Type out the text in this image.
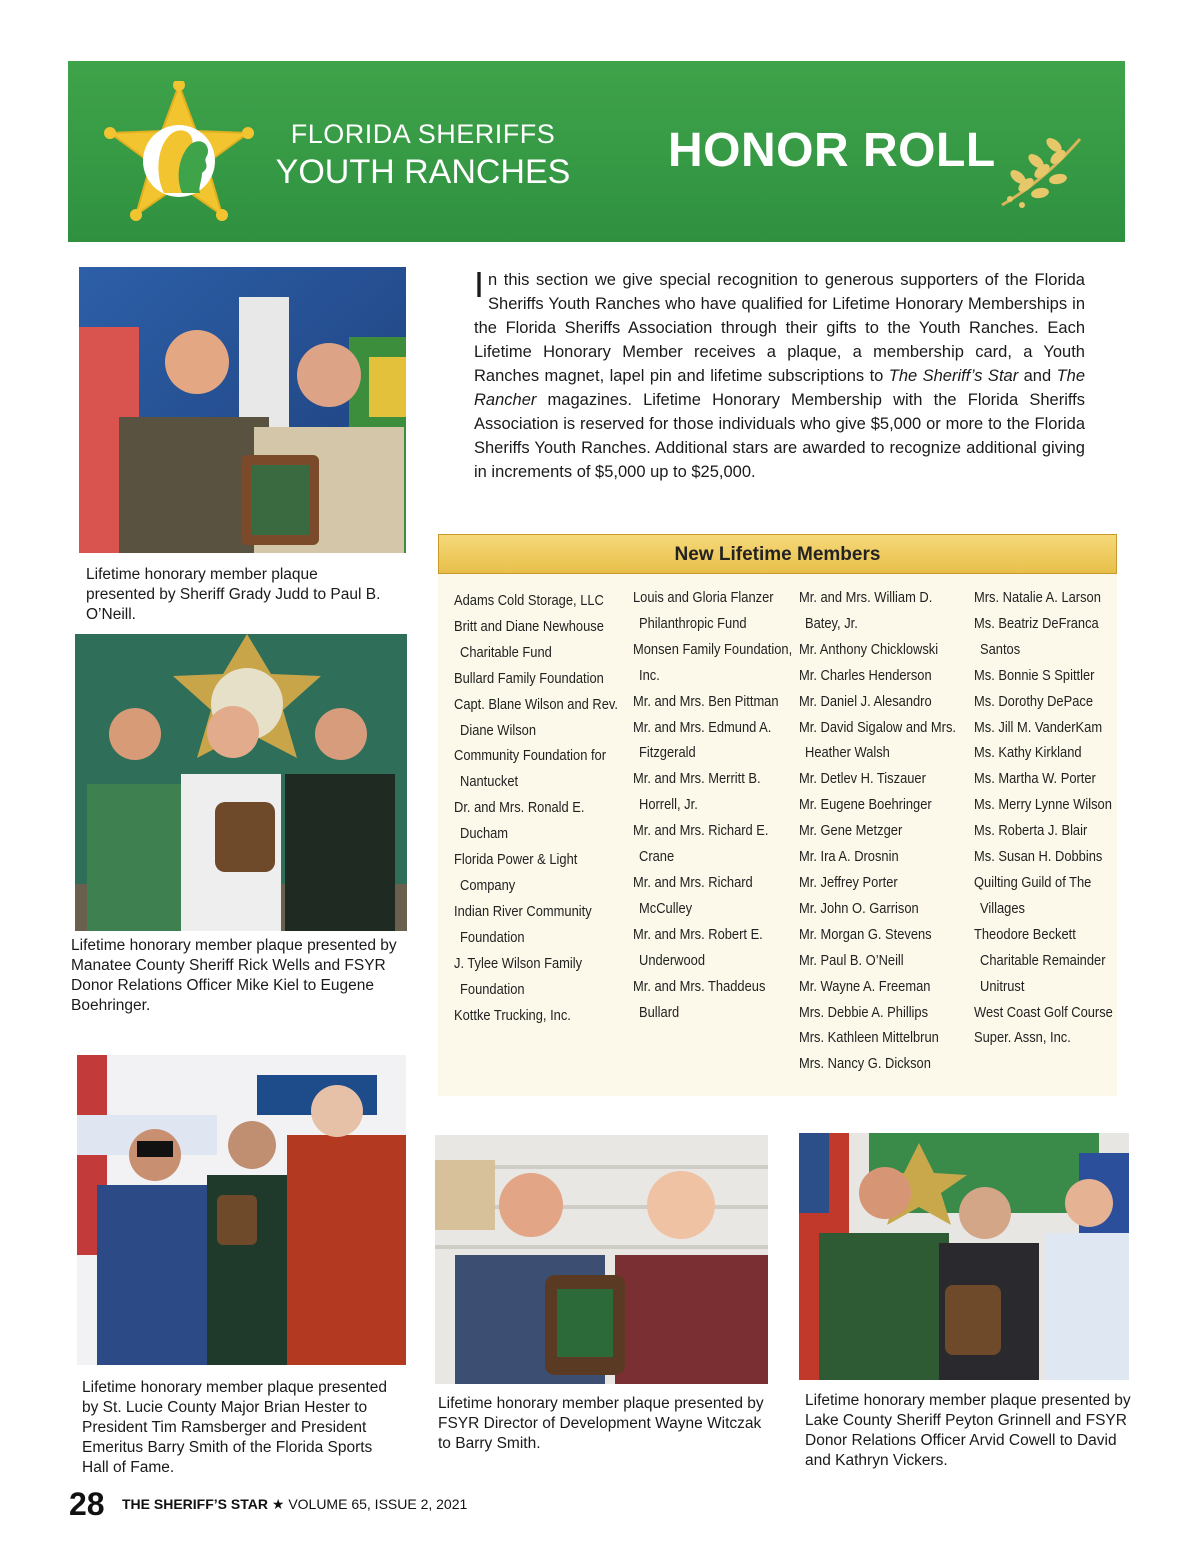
FLORIDA SHERIFFS
YOUTH RANCHES HONOR ROLL
Lifetime honorary member plaque presented by Sheriff Grady Judd to Paul B. O’Neill.
Lifetime honorary member plaque presented by Manatee County Sheriff Rick Wells and FSYR Donor Relations Officer Mike Kiel to Eugene Boehringer.
In this section we give special recognition to generous supporters of the Florida Sheriffs Youth Ranches who have qualified for Lifetime Honorary Memberships in the Florida Sheriffs Association through their gifts to the Youth Ranches. Each Lifetime Honorary Member receives a plaque, a membership card, a Youth Ranches magnet, lapel pin and lifetime subscriptions to The Sheriff’s Star and The Rancher magazines. Lifetime Honorary Membership with the Florida Sheriffs Association is reserved for those individuals who give $5,000 or more to the Florida Sheriffs Youth Ranches. Additional stars are awarded to recognize additional giving in increments of $5,000 up to $25,000.
New Lifetime Members
Adams Cold Storage, LLC
Britt and Diane Newhouse Charitable Fund
Bullard Family Foundation
Capt. Blane Wilson and Rev. Diane Wilson
Community Foundation for Nantucket
Dr. and Mrs. Ronald E. Ducham
Florida Power & Light Company
Indian River Community Foundation
J. Tylee Wilson Family Foundation
Kottke Trucking, Inc.
Louis and Gloria Flanzer Philanthropic Fund
Monsen Family Foundation, Inc.
Mr. and Mrs. Ben Pittman
Mr. and Mrs. Edmund A. Fitzgerald
Mr. and Mrs. Merritt B. Horrell, Jr.
Mr. and Mrs. Richard E. Crane
Mr. and Mrs. Richard McCulley
Mr. and Mrs. Robert E. Underwood
Mr. and Mrs. Thaddeus Bullard
Mr. and Mrs. William D. Batey, Jr.
Mr. Anthony Chicklowski
Mr. Charles Henderson
Mr. Daniel J. Alesandro
Mr. David Sigalow and Mrs. Heather Walsh
Mr. Detlev H. Tiszauer
Mr. Eugene Boehringer
Mr. Gene Metzger
Mr. Ira A. Drosnin
Mr. Jeffrey Porter
Mr. John O. Garrison
Mr. Morgan G. Stevens
Mr. Paul B. O’Neill
Mr. Wayne A. Freeman
Mrs. Debbie A. Phillips
Mrs. Kathleen Mittelbrun
Mrs. Nancy G. Dickson
Mrs. Natalie A. Larson
Ms. Beatriz DeFranca Santos
Ms. Bonnie S Spittler
Ms. Dorothy DePace
Ms. Jill M. VanderKam
Ms. Kathy Kirkland
Ms. Martha W. Porter
Ms. Merry Lynne Wilson
Ms. Roberta J. Blair
Ms. Susan H. Dobbins
Quilting Guild of The Villages
Theodore Beckett Charitable Remainder Unitrust
West Coast Golf Course
Super. Assn, Inc.
Lifetime honorary member plaque presented by St. Lucie County Major Brian Hester to President Tim Ramsberger and President Emeritus Barry Smith of the Florida Sports Hall of Fame.
Lifetime honorary member plaque presented by FSYR Director of Development Wayne Witczak to Barry Smith.
Lifetime honorary member plaque presented by Lake County Sheriff Peyton Grinnell and FSYR Donor Relations Officer Arvid Cowell to David and Kathryn Vickers.
28 THE SHERIFF’S STAR ★ VOLUME 65, ISSUE 2, 2021
